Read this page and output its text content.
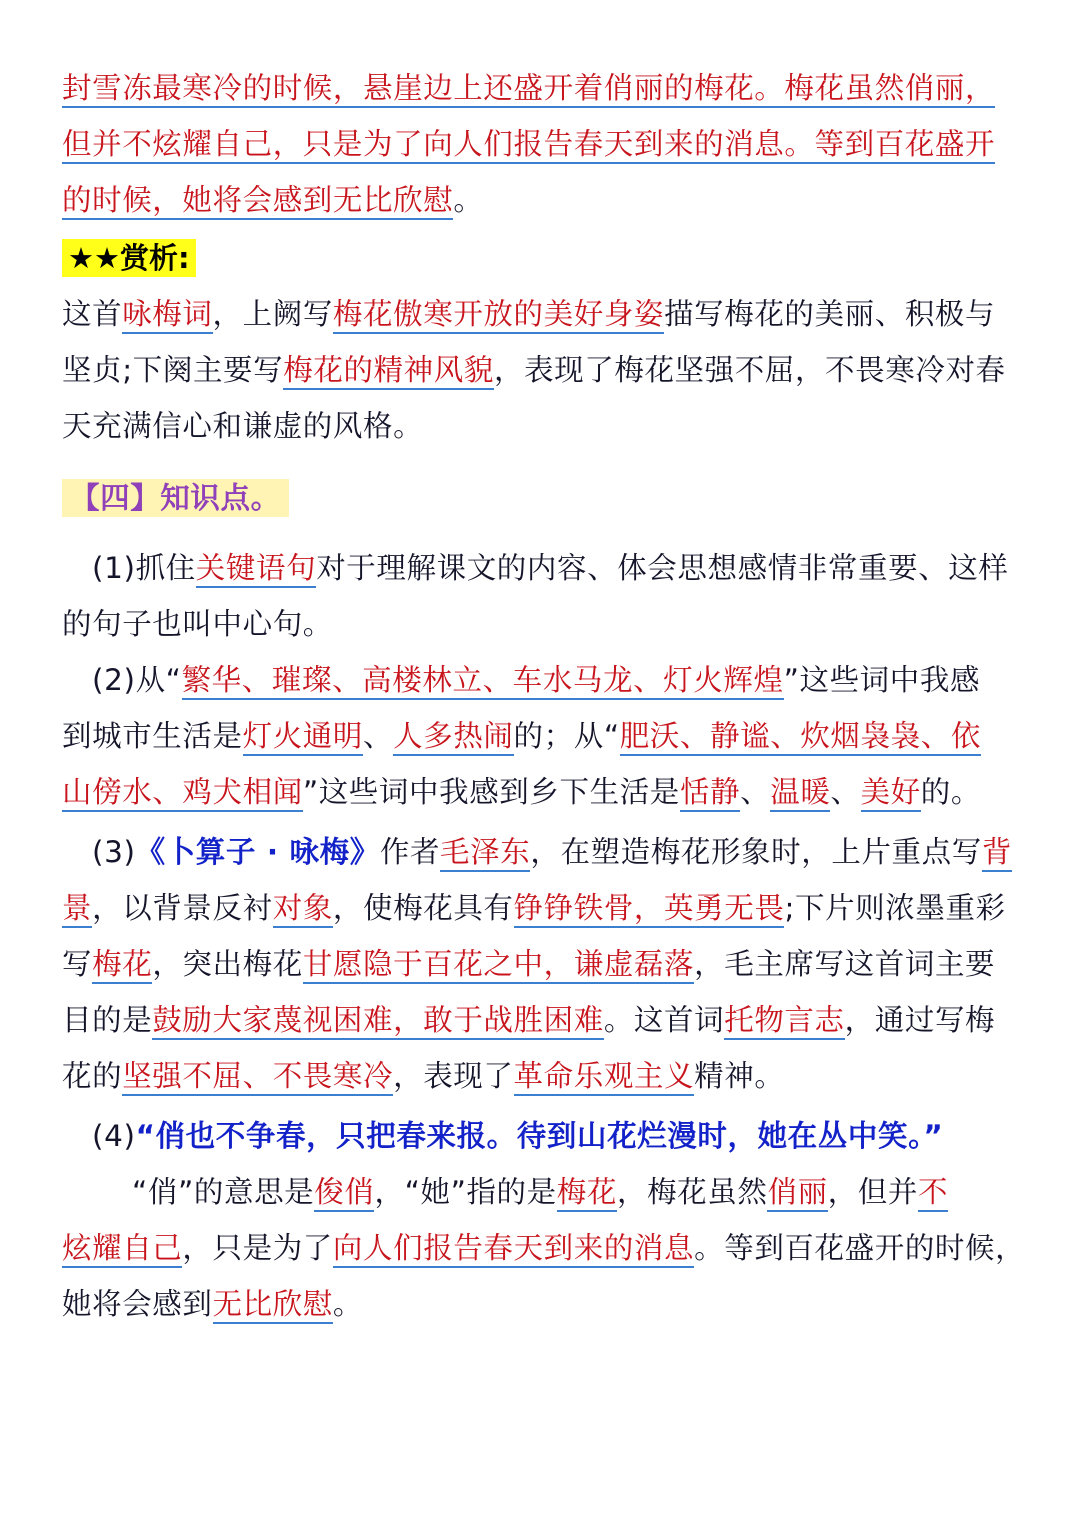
封雪冻最寒冷的时候，悬崖边上还盛开着俏丽的梅花。梅花虽然俏丽，
但并不炫耀自己，只是为了向人们报告春天到来的消息。等到百花盛开
的时候，她将会感到无比欣慰。
★★赏析:
这首咏梅词，上阙写梅花傲寒开放的美好身姿描写梅花的美丽、积极与
坚贞;下阕主要写梅花的精神风貌，表现了梅花坚强不屈，不畏寒冷对春
天充满信心和谦虚的风格。
【四】知识点。
(1)抓住关键语句对于理解课文的内容、体会思想感情非常重要、这样
的句子也叫中心句。
(2)从“繁华、璀璨、高楼林立、车水马龙、灯火辉煌”这些词中我感
到城市生活是灯火通明、人多热闹的；从“肥沃、静谧、炊烟袅袅、依
山傍水、鸡犬相闻”这些词中我感到乡下生活是恬静、温暖、美好的。
(3)《卜算子 · 咏梅》作者毛泽东，在塑造梅花形象时，上片重点写背
景，以背景反衬对象，使梅花具有铮铮铁骨，英勇无畏;下片则浓墨重彩
写梅花，突出梅花甘愿隐于百花之中，谦虚磊落，毛主席写这首词主要
目的是鼓励大家蔑视困难，敢于战胜困难。这首词托物言志，通过写梅
花的坚强不屈、不畏寒冷，表现了革命乐观主义精神。
(4)“俏也不争春，只把春来报。待到山花烂漫时，她在丛中笑。”
“俏”的意思是俊俏，“她”指的是梅花，梅花虽然俏丽，但并不
炫耀自己，只是为了向人们报告春天到来的消息。等到百花盛开的时候，
她将会感到无比欣慰。
